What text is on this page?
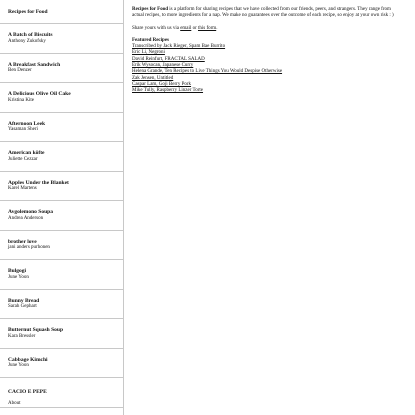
Recipes for Food
A Batch of Biscuits
Anthony Zukofsky
A Breakfast Sandwich
Ben Denzer
A Delicious Olive Oil Cake
Kristina Kite
Afternoon Leek
Yasaman Sheri
American köfte
Juliette Cezzar
Apples Under the Blanket
Karel Martens
Avgolemono Soupa
Andrea Anderson
brother love
jani anders purhonen
Bulgogi
June Yoon
Bunny Bread
Sarah Gephart
Butternut Squash Soup
Kara Bressler
Cabbage Kimchi
June Yoon
CACIO E PEPE
About

Recipes for Food is a platform for sharing recipes that we have collected from our friends, peers, and strangers. They range from actual recipes, to more ingredients for a nap. We make no guarantees over the outcome of each recipe, so enjoy at your own risk : )

Share yours with us via email or this form.

Featured Recipes
Transcribed by Jack Rieger, Spam Bae Burrito
Eric Li, Negroni
David Reinfurt, FRACTAL SALAD
Erik Wysocan, Japanese Curry
Helena Grande, Ten Recipes to Live Things You Would Despise Otherwise
Zak Jensen, Untitled
Caspar Lam, Goji Berry Pork
Mike Tully, Raspberry Linzer Torte
